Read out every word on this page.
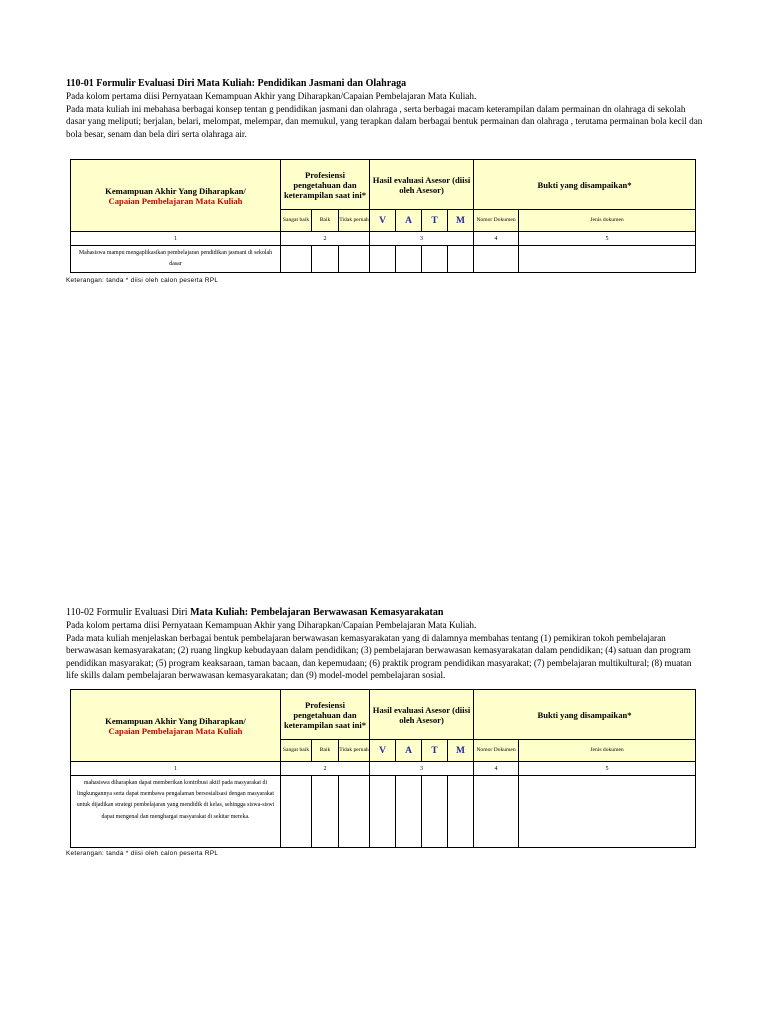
110-01 Formulir Evaluasi Diri Mata Kuliah: Pendidikan Jasmani dan Olahraga
Pada kolom pertama diisi Pernyataan Kemampuan Akhir yang Diharapkan/Capaian Pembelajaran Mata Kuliah.
Pada mata kuliah ini mebahasa berbagai konsep tentan g pendidikan jasmani dan olahraga , serta berbagai macam keterampilan dalam permainan dn olahraga di sekolah dasar yang meliputi; berjalan, belari, melompat, melempar, dan memukul, yang terapkan dalam berbagai bentuk permainan dan olahraga , terutama permainan bola kecil dan bola besar, senam dan bela diri serta olahraga air.
Kemampuan Akhir Yang Diharapkan/
Capaian Pembelajaran Mata Kuliah	Profesiensi pengetahuan dan keterampilan saat ini*			Hasil evaluasi Asesor (diisi oleh Asesor)				Bukti yang disampaikan*	
	Sangat baik	Baik	Tidak pernah	V	A	T	M	Nomor Dokumen	Jenis dokumen
1	2			3				4	5
Mahasiswa mampu mengaplikasikan pembelajaran pendidikan jasmani di sekolah dasar									
Keterangan: tanda * diisi oleh calon peserta RPL
110-02 Formulir Evaluasi Diri Mata Kuliah: Pembelajaran Berwawasan Kemasyarakatan
Pada kolom pertama diisi Pernyataan Kemampuan Akhir yang Diharapkan/Capaian Pembelajaran Mata Kuliah.
Pada mata kuliah menjelaskan berbagai bentuk pembelajaran berwawasan kemasyarakatan yang di dalamnya membahas tentang (1) pemikiran tokoh pembelajaran berwawasan kemasyarakatan; (2) ruang lingkup kebudayaan dalam pendidikan; (3) pembelajaran berwawasan kemasyarakatan dalam pendidikan; (4) satuan dan program pendidikan masyarakat; (5) program keaksaraan, taman bacaan, dan kepemudaan; (6) praktik program pendidikan masyarakat; (7) pembelajaran multikultural; (8) muatan life skills dalam pembelajaran berwawasan kemasyarakatan; dan (9) model-model pembelajaran sosial.
Kemampuan Akhir Yang Diharapkan/
Capaian Pembelajaran Mata Kuliah	Profesiensi pengetahuan dan keterampilan saat ini*			Hasil evaluasi Asesor (diisi oleh Asesor)				Bukti yang disampaikan*	
	Sangat baik	Baik	Tidak pernah	V	A	T	M	Nomor Dokumen	Jenis dokumen
1	2			3				4	5
mahasiswa diharapkan dapat memberikan kontribusi aktif pada masyarakat di lingkungannya serta dapat membawa pengalaman bersosialisasi dengan masyarakat untuk dijadikan strategi pembelajaran yang mendidik di kelas, sehingga siswa-siswi dapat mengenal dan menghargai masyarakat di sekitar mereka.									
Keterangan: tanda * diisi oleh calon peserta RPL
